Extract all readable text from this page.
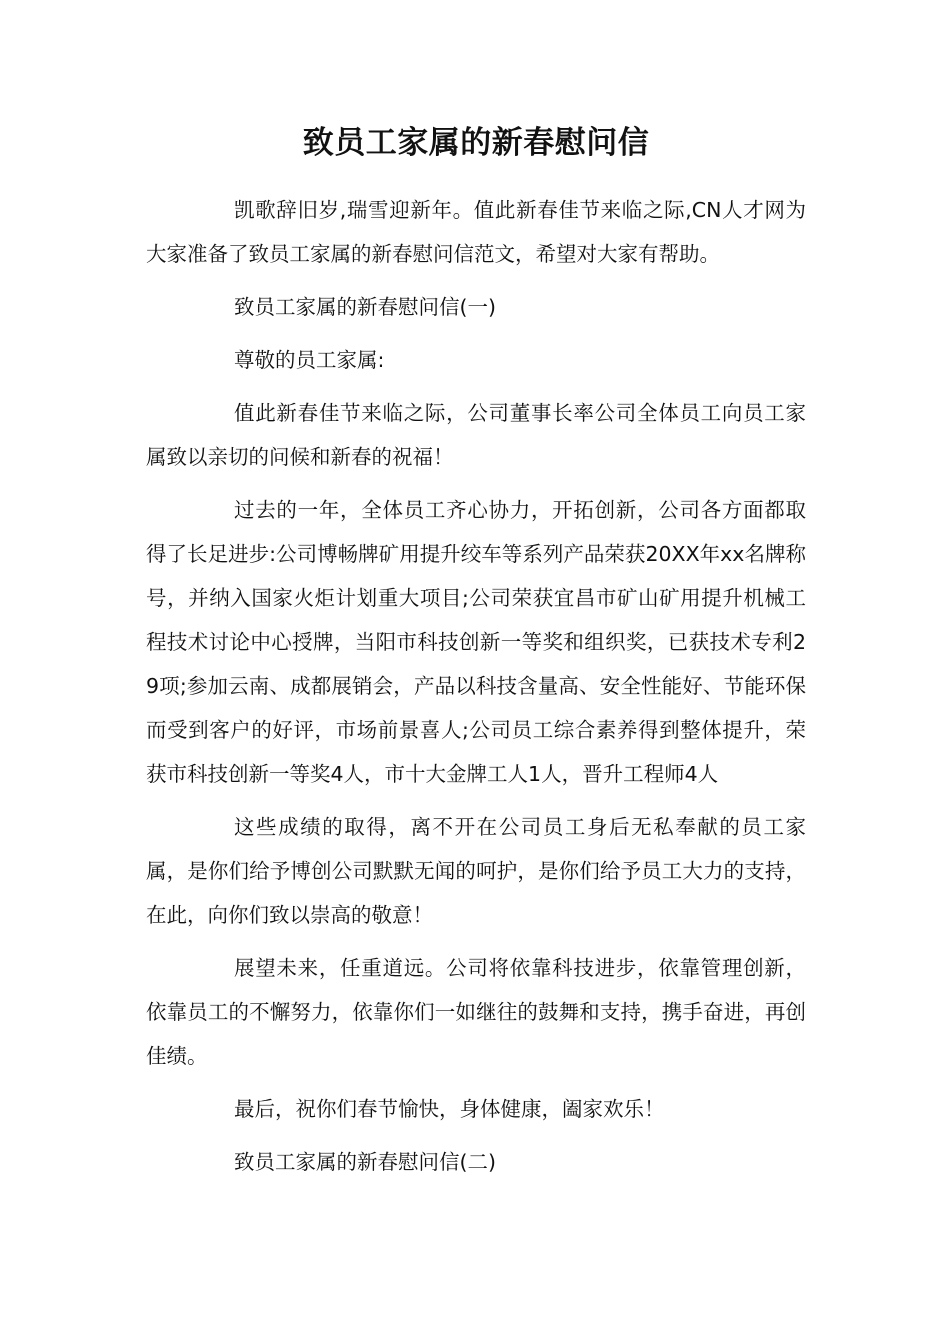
致员工家属的新春慰问信

凯歌辞旧岁,瑞雪迎新年。值此新春佳节来临之际,CN人才网为大家准备了致员工家属的新春慰问信范文，希望对大家有帮助。

致员工家属的新春慰问信(一)

尊敬的员工家属:

值此新春佳节来临之际，公司董事长率公司全体员工向员工家属致以亲切的问候和新春的祝福！

过去的一年，全体员工齐心协力，开拓创新，公司各方面都取得了长足进步:公司博畅牌矿用提升绞车等系列产品荣获20XX年xx名牌称号，并纳入国家火炬计划重大项目;公司荣获宜昌市矿山矿用提升机械工程技术讨论中心授牌，当阳市科技创新一等奖和组织奖，已获技术专利29项;参加云南、成都展销会，产品以科技含量高、安全性能好、节能环保而受到客户的好评，市场前景喜人;公司员工综合素养得到整体提升，荣获市科技创新一等奖4人，市十大金牌工人1人，晋升工程师4人

这些成绩的取得，离不开在公司员工身后无私奉献的员工家属，是你们给予博创公司默默无闻的呵护，是你们给予员工大力的支持，在此，向你们致以崇高的敬意！

展望未来，任重道远。公司将依靠科技进步，依靠管理创新，依靠员工的不懈努力，依靠你们一如继往的鼓舞和支持，携手奋进，再创佳绩。

最后，祝你们春节愉快，身体健康，阖家欢乐！

致员工家属的新春慰问信(二)
